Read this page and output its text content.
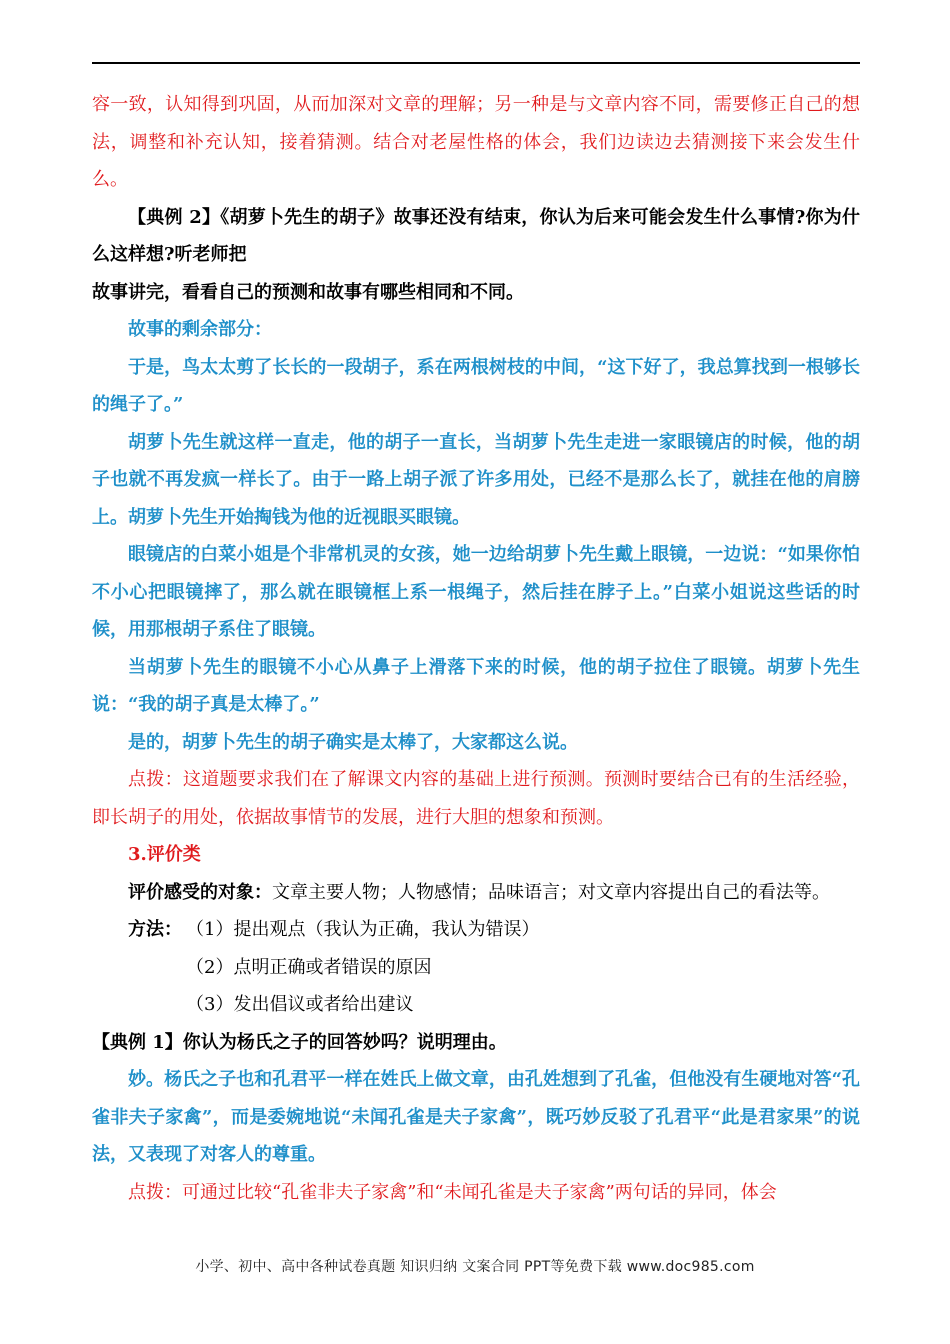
容一致，认知得到巩固，从而加深对文章的理解；另一种是与文章内容不同，需要修正自己的想法，调整和补充认知，接着猜测。结合对老屋性格的体会，我们边读边去猜测接下来会发生什么。

【典例 2】《胡萝卜先生的胡子》故事还没有结束，你认为后来可能会发生什么事情?你为什么这样想?听老师把

故事讲完，看看自己的预测和故事有哪些相同和不同。

故事的剩余部分：

于是，鸟太太剪了长长的一段胡子，系在两根树枝的中间，“这下好了，我总算找到一根够长的绳子了。”

胡萝卜先生就这样一直走，他的胡子一直长，当胡萝卜先生走进一家眼镜店的时候，他的胡子也就不再发疯一样长了。由于一路上胡子派了许多用处，已经不是那么长了，就挂在他的肩膀上。胡萝卜先生开始掏钱为他的近视眼买眼镜。

眼镜店的白菜小姐是个非常机灵的女孩，她一边给胡萝卜先生戴上眼镜，一边说：“如果你怕不小心把眼镜摔了，那么就在眼镜框上系一根绳子，然后挂在脖子上。”白菜小姐说这些话的时候，用那根胡子系住了眼镜。

当胡萝卜先生的眼镜不小心从鼻子上滑落下来的时候，他的胡子拉住了眼镜。胡萝卜先生说：“我的胡子真是太棒了。”

是的，胡萝卜先生的胡子确实是太棒了，大家都这么说。

点拨：这道题要求我们在了解课文内容的基础上进行预测。预测时要结合已有的生活经验，即长胡子的用处，依据故事情节的发展，进行大胆的想象和预测。

3.评价类

评价感受的对象：文章主要人物；人物感情；品味语言；对文章内容提出自己的看法等。

方法： （1）提出观点（我认为正确，我认为错误）
（2）点明正确或者错误的原因
（3）发出倡议或者给出建议

【典例 1】你认为杨氏之子的回答妙吗？说明理由。

妙。杨氏之子也和孔君平一样在姓氏上做文章，由孔姓想到了孔雀，但他没有生硬地对答“孔雀非夫子家禽”，而是委婉地说“未闻孔雀是夫子家禽”，既巧妙反驳了孔君平“此是君家果”的说法，又表现了对客人的尊重。

点拨：可通过比较“孔雀非夫子家禽”和“未闻孔雀是夫子家禽”两句话的异同，体会

小学、初中、高中各种试卷真题 知识归纳 文案合同 PPT等免费下载 www.doc985.com
